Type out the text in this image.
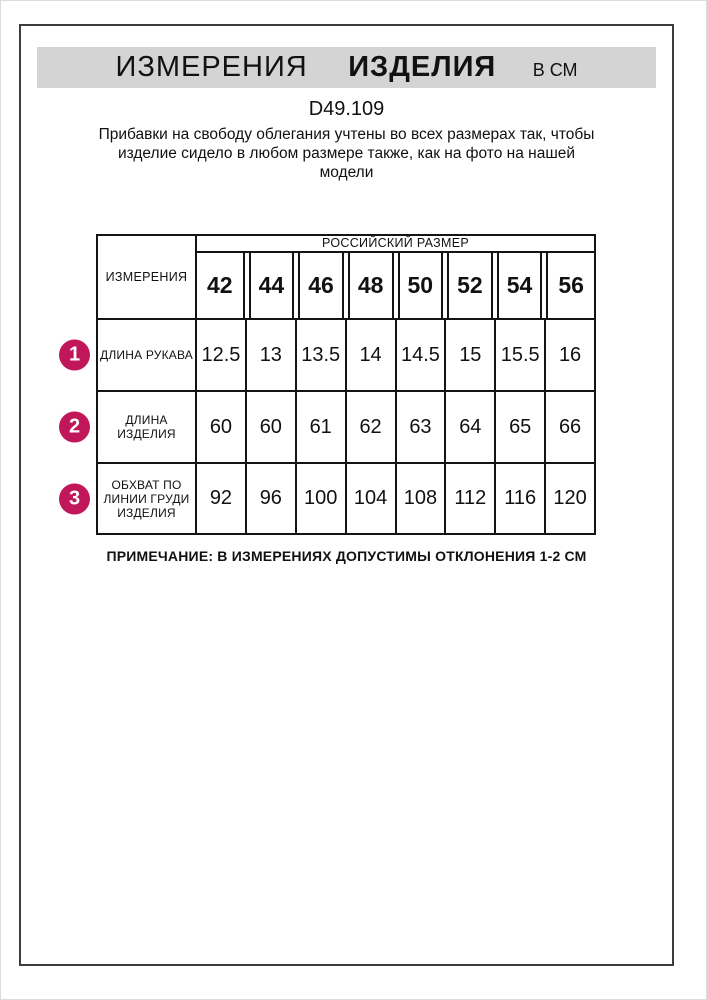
ИЗМЕРЕНИЯ ИЗДЕЛИЯ В СМ
D49.109
Прибавки на свободу облегания учтены во всех размерах так, чтобы
изделие сидело в любом размере также, как на фото на нашей
модели
ИЗМЕРЕНИЯ
РОССИЙСКИЙ РАЗМЕР
42	44	46	48	50	52	54	56
ДЛИНА РУКАВА 12.5 13 13.5 14 14.5 15 15.5 16
1
ДЛИНА
ИЗДЕЛИЯ	60	60	61	62	63	64	65	66
2
ОБХВАТ ПО
ЛИНИИ ГРУДИ
ИЗДЕЛИЯ
92	96	100 104 108 112 116 120
3
ПРИМЕЧАНИЕ: В ИЗМЕРЕНИЯХ ДОПУСТИМЫ ОТКЛОНЕНИЯ 1-2 СМ
